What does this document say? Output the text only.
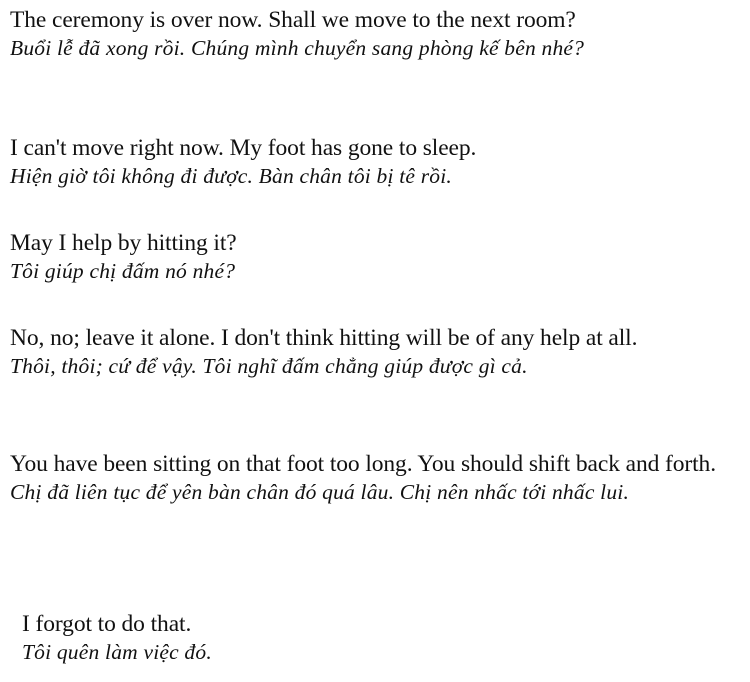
The ceremony is over now. Shall we move to the next room?

Buổi lễ đã xong rồi. Chúng mình chuyển sang phòng kế bên nhé?

I can't move right now. My foot has gone to sleep.

Hiện giờ tôi không đi được. Bàn chân tôi bị tê rồi.

May I help by hitting it?

Tôi giúp chị đấm nó nhé?

No, no; leave it alone. I don't think hitting will be of any help at all.

Thôi, thôi; cứ để vậy. Tôi nghĩ đấm chẳng giúp được gì cả.

You have been sitting on that foot too long. You should shift back and forth.

Chị đã liên tục để yên bàn chân đó quá lâu. Chị nên nhấc tới nhấc lui.

I forgot to do that.

Tôi quên làm việc đó.
